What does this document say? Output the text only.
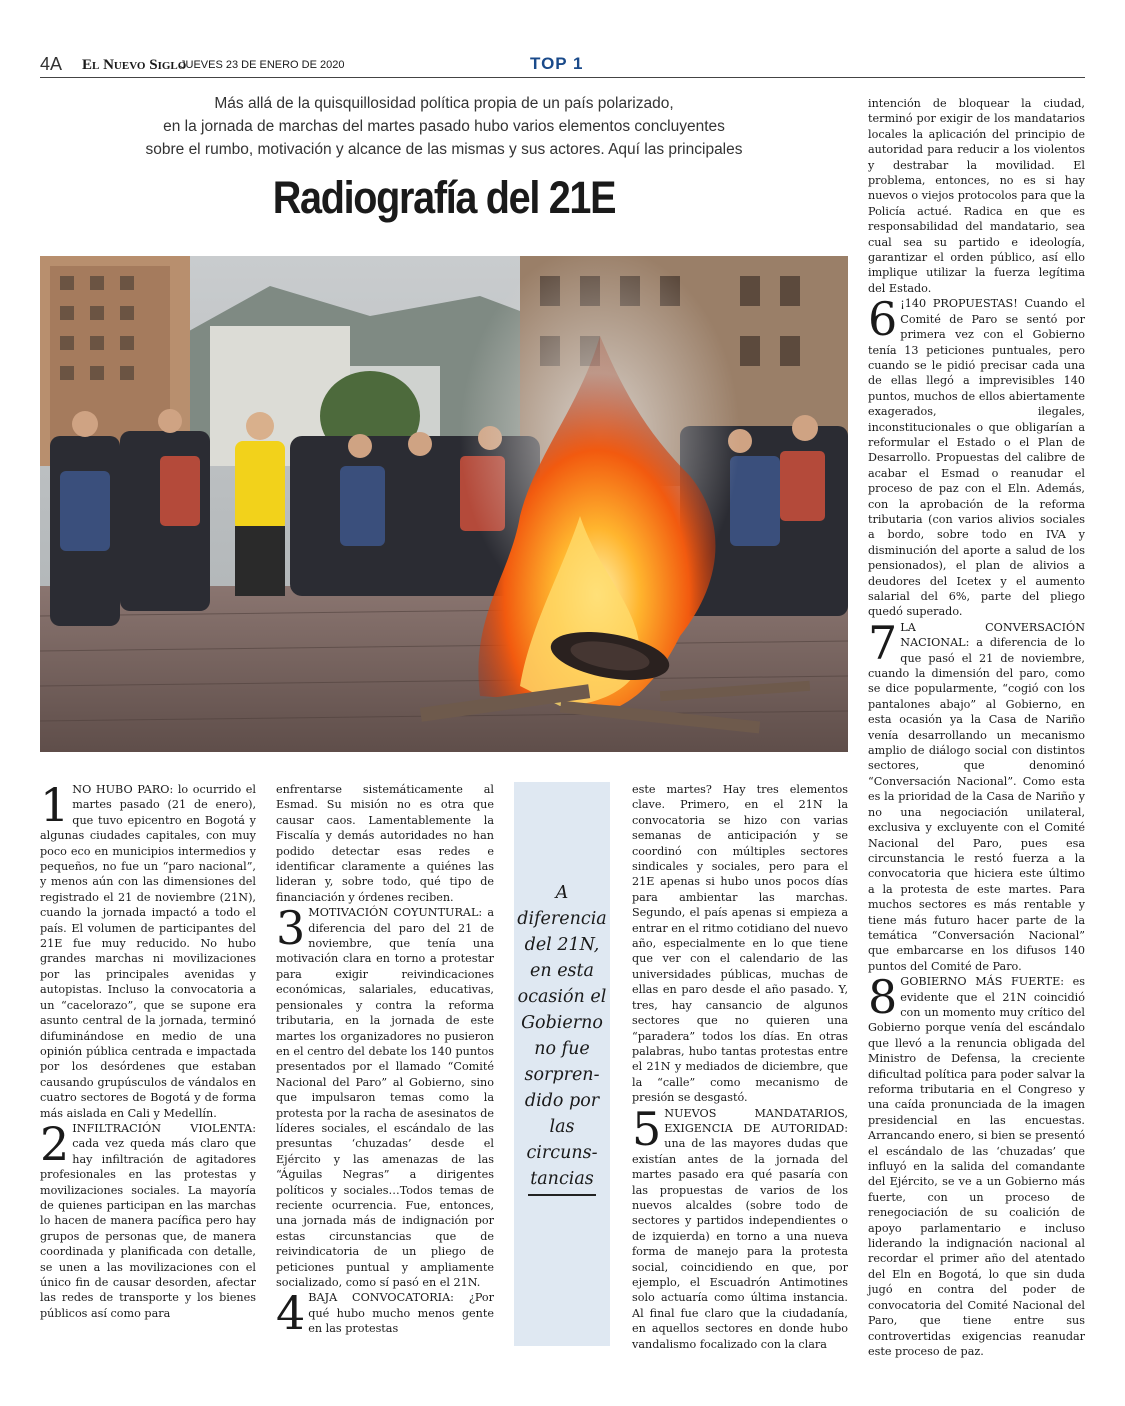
4A El Nuevo Siglo
JUEVES 23 DE ENERO DE 2020	TOP 1
Más allá de la quisquillosidad política propia de un país polarizado,
en la jornada de marchas del martes pasado hubo varios elementos concluyentes
sobre el rumbo, motivación y alcance de las mismas y sus actores. Aquí las principales
Radiografía del 21E

1 NO HUBO PARO: lo ocurrido el martes pasado (21 de enero), que tuvo epicentro en Bogotá y algunas ciudades capitales, con muy poco eco en municipios intermedios y pequeños, no fue un “paro nacional”, y menos aún con las dimensiones del registrado el 21 de noviembre (21N), cuando la jornada impactó a todo el país. El volumen de participantes del 21E fue muy reducido. No hubo grandes marchas ni movilizaciones por las principales avenidas y autopistas. Incluso la convocatoria a un “cacelorazo”, que se supone era asunto central de la jornada, terminó difuminándose en medio de una opinión pública centrada e impactada por los desórdenes que estaban causando grupúsculos de vándalos en cuatro sectores de Bogotá y de forma más aislada en Cali y Medellín.

2 INFILTRACIÓN VIOLENTA: cada vez queda más claro que hay infiltración de agitadores profesionales en las protestas y movilizaciones sociales. La mayoría de quienes participan en las marchas lo hacen de manera pacífica pero hay grupos de personas que, de manera coordinada y planificada con detalle, se unen a las movilizaciones con el único fin de causar desorden, afectar las redes de transporte y los bienes públicos así como para

enfrentarse sistemáticamente al Esmad. Su misión no es otra que causar caos. Lamentablemente la Fiscalía y demás autoridades no han podido detectar esas redes e identificar claramente a quiénes las lideran y, sobre todo, qué tipo de financiación y órdenes reciben.

3 MOTIVACIÓN COYUNTURAL: a diferencia del paro del 21 de noviembre, que tenía una motivación clara en torno a protestar para exigir reivindicaciones económicas, salariales, educativas, pensionales y contra la reforma tributaria, en la jornada de este martes los organizadores no pusieron en el centro del debate los 140 puntos presentados por el llamado “Comité Nacional del Paro” al Gobierno, sino que impulsaron temas como la protesta por la racha de asesinatos de líderes sociales, el escándalo de las presuntas ‘chuzadas’ desde el Ejército y las amenazas de las “Águilas Negras” a dirigentes políticos y sociales…Todos temas de reciente ocurrencia. Fue, entonces, una jornada más de indignación por estas circunstancias que de reivindicatoria de un pliego de peticiones puntual y ampliamente socializado, como sí pasó en el 21N.

4 BAJA CONVOCATORIA: ¿Por qué hubo mucho menos gente en las protestas

A diferencia del 21N, en esta ocasión el Gobierno no fue sorpren-dido por las circuns-tancias

este martes? Hay tres elementos clave. Primero, en el 21N la convocatoria se hizo con varias semanas de anticipación y se coordinó con múltiples sectores sindicales y sociales, pero para el 21E apenas si hubo unos pocos días para ambientar las marchas. Segundo, el país apenas si empieza a entrar en el ritmo cotidiano del nuevo año, especialmente en lo que tiene que ver con el calendario de las universidades públicas, muchas de ellas en paro desde el año pasado. Y, tres, hay cansancio de algunos sectores que no quieren una “paradera” todos los días. En otras palabras, hubo tantas protestas entre el 21N y mediados de diciembre, que la “calle” como mecanismo de presión se desgastó.

5 NUEVOS MANDATARIOS, EXIGENCIA DE AUTORIDAD: una de las mayores dudas que existían antes de la jornada del martes pasado era qué pasaría con las propuestas de varios de los nuevos alcaldes (sobre todo de sectores y partidos independientes o de izquierda) en torno a una nueva forma de manejo para la protesta social, coincidiendo en que, por ejemplo, el Escuadrón Antimotines solo actuaría como última instancia. Al final fue claro que la ciudadanía, en aquellos sectores en donde hubo vandalismo focalizado con la clara

intención de bloquear la ciudad, terminó por exigir de los mandatarios locales la aplicación del principio de autoridad para reducir a los violentos y destrabar la movilidad. El problema, entonces, no es si hay nuevos o viejos protocolos para que la Policía actué. Radica en que es responsabilidad del mandatario, sea cual sea su partido e ideología, garantizar el orden público, así ello implique utilizar la fuerza legítima del Estado.

6 ¡140 PROPUESTAS! Cuando el Comité de Paro se sentó por primera vez con el Gobierno tenía 13 peticiones puntuales, pero cuando se le pidió precisar cada una de ellas llegó a imprevisibles 140 puntos, muchos de ellos abiertamente exagerados, ilegales, inconstitucionales o que obligarían a reformular el Estado o el Plan de Desarrollo. Propuestas del calibre de acabar el Esmad o reanudar el proceso de paz con el Eln. Además, con la aprobación de la reforma tributaria (con varios alivios sociales a bordo, sobre todo en IVA y disminución del aporte a salud de los pensionados), el plan de alivios a deudores del Icetex y el aumento salarial del 6%, parte del pliego quedó superado.

7 LA CONVERSACIÓN NACIONAL: a diferencia de lo que pasó el 21 de noviembre, cuando la dimensión del paro, como se dice popularmente, “cogió con los pantalones abajo” al Gobierno, en esta ocasión ya la Casa de Nariño venía desarrollando un mecanismo amplio de diálogo social con distintos sectores, que denominó “Conversación Nacional”. Como esta es la prioridad de la Casa de Nariño y no una negociación unilateral, exclusiva y excluyente con el Comité Nacional del Paro, pues esa circunstancia le restó fuerza a la convocatoria que hiciera este último a la protesta de este martes. Para muchos sectores es más rentable y tiene más futuro hacer parte de la temática “Conversación Nacional” que embarcarse en los difusos 140 puntos del Comité de Paro.

8 GOBIERNO MÁS FUERTE: es evidente que el 21N coincidió con un momento muy crítico del Gobierno porque venía del escándalo que llevó a la renuncia obligada del Ministro de Defensa, la creciente dificultad política para poder salvar la reforma tributaria en el Congreso y una caída pronunciada de la imagen presidencial en las encuestas. Arrancando enero, si bien se presentó el escándalo de las ‘chuzadas’ que influyó en la salida del comandante del Ejército, se ve a un Gobierno más fuerte, con un proceso de renegociación de su coalición de apoyo parlamentario e incluso liderando la indignación nacional al recordar el primer año del atentado del Eln en Bogotá, lo que sin duda jugó en contra del poder de convocatoria del Comité Nacional del Paro, que tiene entre sus controvertidas exigencias reanudar este proceso de paz.
